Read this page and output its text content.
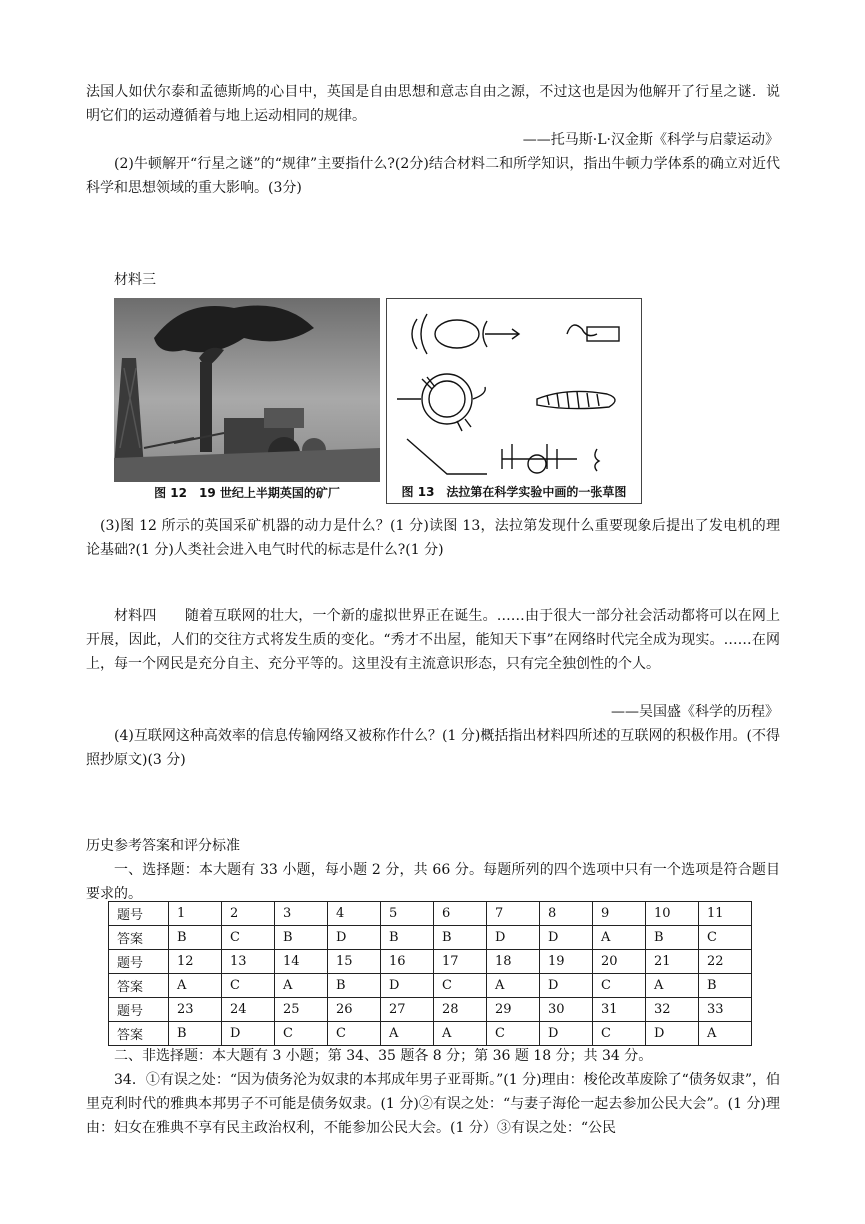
法国人如伏尔泰和孟德斯鸠的心目中，英国是自由思想和意志自由之源，不过这也是因为他解开了行星之谜．说明它们的运动遵循着与地上运动相同的规律。

——托马斯·L·汉金斯《科学与启蒙运动》

(2)牛顿解开“行星之谜”的“规律”主要指什么?(2分)结合材料二和所学知识，指出牛顿力学体系的确立对近代科学和思想领域的重大影响。(3分)

材料三

图 12　19 世纪上半期英国的矿厂	图 13　法拉第在科学实验中画的一张草图

(3)图 12 所示的英国采矿机器的动力是什么？(1 分)读图 13，法拉第发现什么重要现象后提出了发电机的理论基础?(1 分)人类社会进入电气时代的标志是什么?(1 分)

材料四　　随着互联网的壮大，一个新的虚拟世界正在诞生。……由于很大一部分社会活动都将可以在网上开展，因此，人们的交往方式将发生质的变化。“秀才不出屋，能知天下事”在网络时代完全成为现实。……在网上，每一个网民是充分自主、充分平等的。这里没有主流意识形态，只有完全独创性的个人。

——吴国盛《科学的历程》

(4)互联网这种高效率的信息传输网络又被称作什么？(1 分)概括指出材料四所述的互联网的积极作用。(不得照抄原文)(3 分)

历史参考答案和评分标准

一、选择题：本大题有 33 小题，每小题 2 分，共 66 分。每题所列的四个选项中只有一个选项是符合题目要求的。

题号	1	2	3	4	5	6	7	8	9	10	11
答案	B	C	B	D	B	B	D	D	A	B	C
题号	12	13	14	15	16	17	18	19	20	21	22
答案	A	C	A	B	D	C	A	D	C	A	B
题号	23	24	25	26	27	28	29	30	31	32	33
答案	B	D	C	C	A	A	C	D	C	D	A

二、非选择题：本大题有 3 小题；第 34、35 题各 8 分；第 36 题 18 分；共 34 分。

34．①有误之处：“因为债务沦为奴隶的本邦成年男子亚哥斯。”(1 分)理由：梭伦改革废除了“债务奴隶”，伯里克利时代的雅典本邦男子不可能是债务奴隶。(1 分)②有误之处：“与妻子海伦一起去参加公民大会”。(1 分)理由：妇女在雅典不享有民主政治权利，不能参加公民大会。(1 分）③有误之处：“公民
